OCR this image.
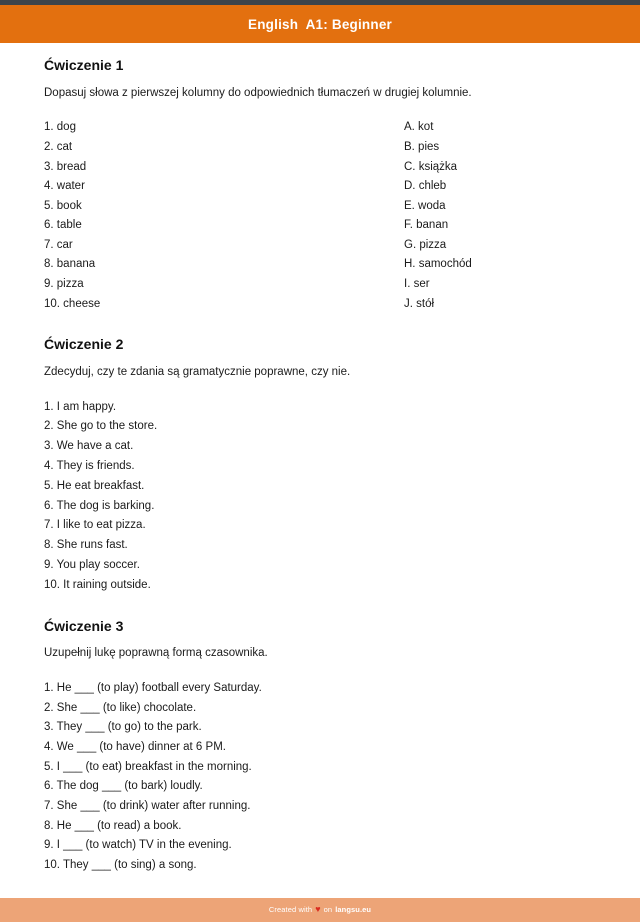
English  A1: Beginner
Ćwiczenie 1
Dopasuj słowa z pierwszej kolumny do odpowiednich tłumaczeń w drugiej kolumnie.
1. dog
2. cat
3. bread
4. water
5. book
6. table
7. car
8. banana
9. pizza
10. cheese
A. kot
B. pies
C. książka
D. chleb
E. woda
F. banan
G. pizza
H. samochód
I. ser
J. stół
Ćwiczenie 2
Zdecyduj, czy te zdania są gramatycznie poprawne, czy nie.
1. I am happy.
2. She go to the store.
3. We have a cat.
4. They is friends.
5. He eat breakfast.
6. The dog is barking.
7. I like to eat pizza.
8. She runs fast.
9. You play soccer.
10. It raining outside.
Ćwiczenie 3
Uzupełnij lukę poprawną formą czasownika.
1. He ___ (to play) football every Saturday.
2. She ___ (to like) chocolate.
3. They ___ (to go) to the park.
4. We ___ (to have) dinner at 6 PM.
5. I ___ (to eat) breakfast in the morning.
6. The dog ___ (to bark) loudly.
7. She ___ (to drink) water after running.
8. He ___ (to read) a book.
9. I ___ (to watch) TV in the evening.
10. They ___ (to sing) a song.
Created with ♥ on langsu.eu
